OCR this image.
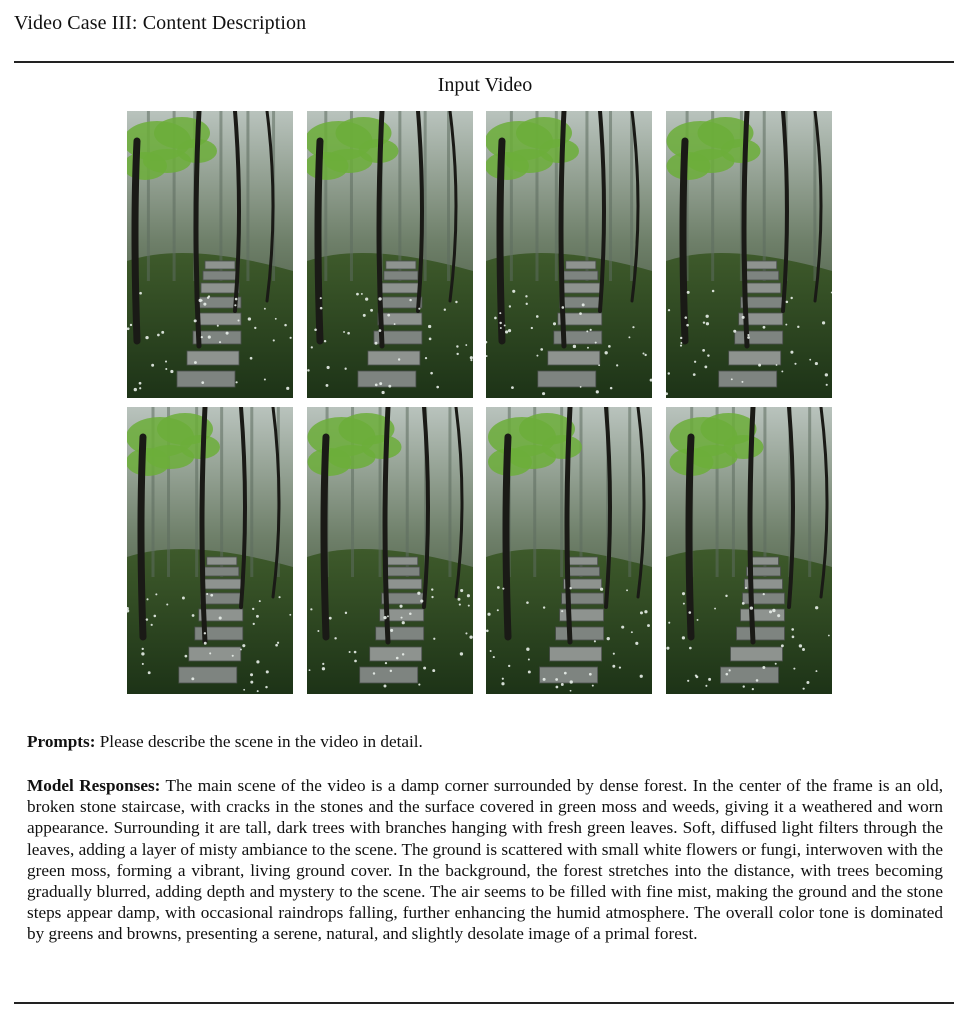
Video Case III: Content Description
Input Video
Prompts: Please describe the scene in the video in detail.
Model Responses: The main scene of the video is a damp corner surrounded by dense forest. In the center of the frame is an old, broken stone staircase, with cracks in the stones and the surface covered in green moss and weeds, giving it a weathered and worn appearance. Surrounding it are tall, dark trees with branches hanging with fresh green leaves. Soft, diffused light filters through the leaves, adding a layer of misty ambiance to the scene. The ground is scattered with small white flowers or fungi, interwoven with the green moss, forming a vibrant, living ground cover. In the background, the forest stretches into the distance, with trees becoming gradually blurred, adding depth and mystery to the scene. The air seems to be filled with fine mist, making the ground and the stone steps appear damp, with occasional raindrops falling, further enhancing the humid atmosphere. The overall color tone is dominated by greens and browns, presenting a serene, natural, and slightly desolate image of a primal forest.
